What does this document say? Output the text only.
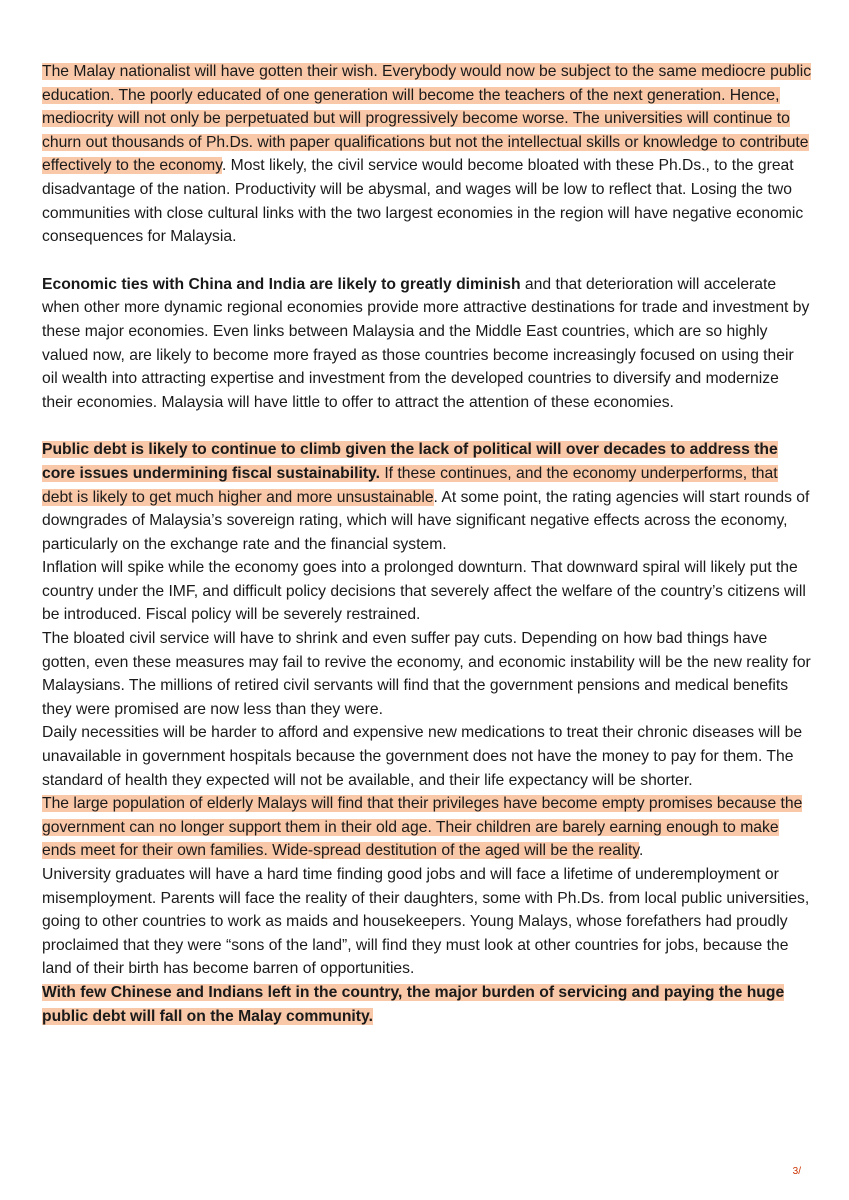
The Malay nationalist will have gotten their wish. Everybody would now be subject to the same mediocre public education. The poorly educated of one generation will become the teachers of the next generation. Hence, mediocrity will not only be perpetuated but will progressively become worse. The universities will continue to churn out thousands of Ph.Ds. with paper qualifications but not the intellectual skills or knowledge to contribute effectively to the economy. Most likely, the civil service would become bloated with these Ph.Ds., to the great disadvantage of the nation. Productivity will be abysmal, and wages will be low to reflect that. Losing the two communities with close cultural links with the two largest economies in the region will have negative economic consequences for Malaysia.

Economic ties with China and India are likely to greatly diminish and that deterioration will accelerate when other more dynamic regional economies provide more attractive destinations for trade and investment by these major economies. Even links between Malaysia and the Middle East countries, which are so highly valued now, are likely to become more frayed as those countries become increasingly focused on using their oil wealth into attracting expertise and investment from the developed countries to diversify and modernize their economies. Malaysia will have little to offer to attract the attention of these economies.

Public debt is likely to continue to climb given the lack of political will over decades to address the core issues undermining fiscal sustainability. If these continues, and the economy underperforms, that debt is likely to get much higher and more unsustainable. At some point, the rating agencies will start rounds of downgrades of Malaysia’s sovereign rating, which will have significant negative effects across the economy, particularly on the exchange rate and the financial system.

Inflation will spike while the economy goes into a prolonged downturn. That downward spiral will likely put the country under the IMF, and difficult policy decisions that severely affect the welfare of the country’s citizens will be introduced. Fiscal policy will be severely restrained.

The bloated civil service will have to shrink and even suffer pay cuts. Depending on how bad things have gotten, even these measures may fail to revive the economy, and economic instability will be the new reality for Malaysians. The millions of retired civil servants will find that the government pensions and medical benefits they were promised are now less than they were.

Daily necessities will be harder to afford and expensive new medications to treat their chronic diseases will be unavailable in government hospitals because the government does not have the money to pay for them. The standard of health they expected will not be available, and their life expectancy will be shorter.

The large population of elderly Malays will find that their privileges have become empty promises because the government can no longer support them in their old age. Their children are barely earning enough to make ends meet for their own families. Wide-spread destitution of the aged will be the reality.

University graduates will have a hard time finding good jobs and will face a lifetime of underemployment or misemployment. Parents will face the reality of their daughters, some with Ph.Ds. from local public universities, going to other countries to work as maids and housekeepers. Young Malays, whose forefathers had proudly proclaimed that they were “sons of the land”, will find they must look at other countries for jobs, because the land of their birth has become barren of opportunities.

With few Chinese and Indians left in the country, the major burden of servicing and paying the huge public debt will fall on the Malay community.

3/
